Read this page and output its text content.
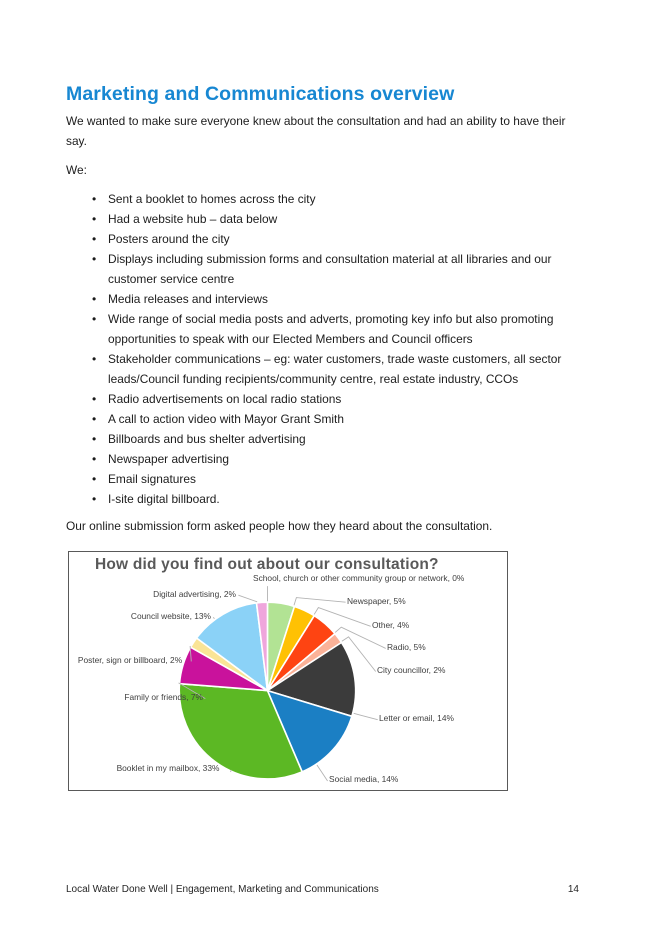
Marketing and Communications overview

We wanted to make sure everyone knew about the consultation and had an ability to have their say.

We:

• Sent a booklet to homes across the city
• Had a website hub – data below
• Posters around the city
• Displays including submission forms and consultation material at all libraries and our customer service centre
• Media releases and interviews
• Wide range of social media posts and adverts, promoting key info but also promoting opportunities to speak with our Elected Members and Council officers
• Stakeholder communications – eg: water customers, trade waste customers, all sector leads/Council funding recipients/community centre, real estate industry, CCOs
• Radio advertisements on local radio stations
• A call to action video with Mayor Grant Smith
• Billboards and bus shelter advertising
• Newspaper advertising
• Email signatures
• I-site digital billboard.

Our online submission form asked people how they heard about the consultation.

How did you find out about our consultation?
School, church or other community group or network, 0%
Newspaper, 5%
Other, 4%
Radio, 5%
City councillor, 2%
Letter or email, 14%
Social media, 14%
Booklet in my mailbox, 33%
Family or friends, 7%
Poster, sign or billboard, 2%
Council website, 13%
Digital advertising, 2%
Local Water Done Well | Engagement, Marketing and Communications	14
